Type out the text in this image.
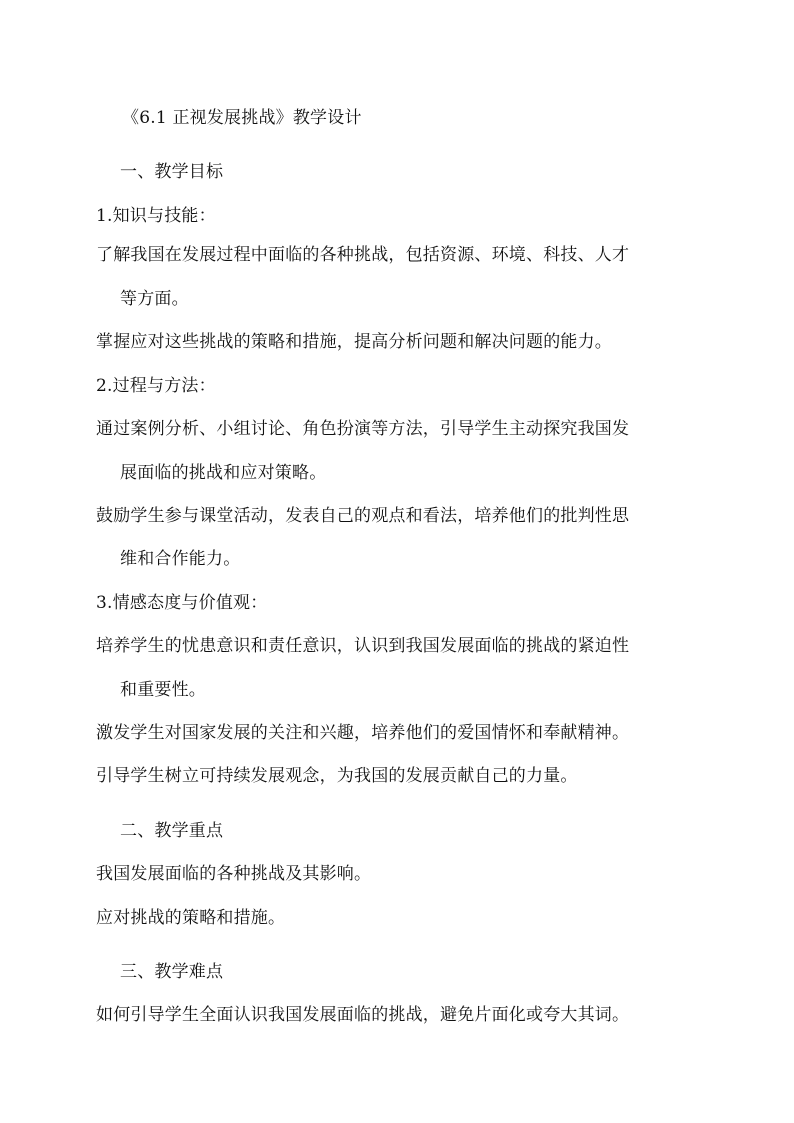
《6.1 正视发展挑战》教学设计
一、教学目标
1.知识与技能：
了解我国在发展过程中面临的各种挑战，包括资源、环境、科技、人才
等方面。
掌握应对这些挑战的策略和措施，提高分析问题和解决问题的能力。
2.过程与方法：
通过案例分析、小组讨论、角色扮演等方法，引导学生主动探究我国发
展面临的挑战和应对策略。
鼓励学生参与课堂活动，发表自己的观点和看法，培养他们的批判性思
维和合作能力。
3.情感态度与价值观：
培养学生的忧患意识和责任意识，认识到我国发展面临的挑战的紧迫性
和重要性。
激发学生对国家发展的关注和兴趣，培养他们的爱国情怀和奉献精神。
引导学生树立可持续发展观念，为我国的发展贡献自己的力量。
二、教学重点
我国发展面临的各种挑战及其影响。
应对挑战的策略和措施。
三、教学难点
如何引导学生全面认识我国发展面临的挑战，避免片面化或夸大其词。
